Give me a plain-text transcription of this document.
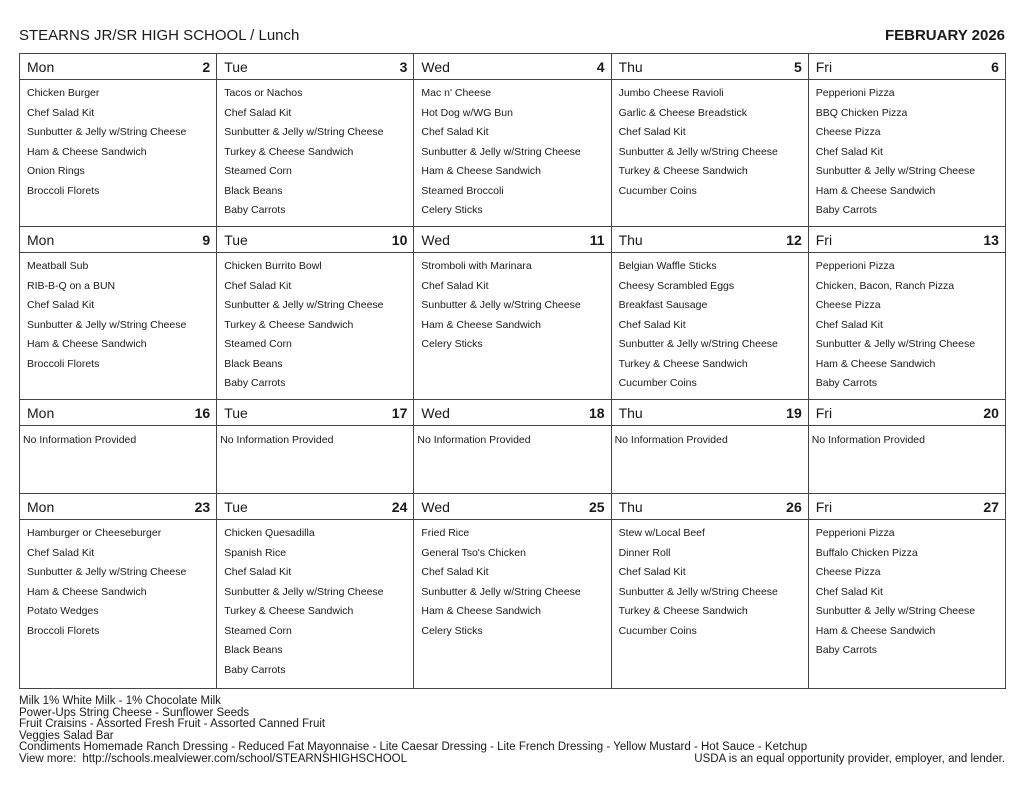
STEARNS JR/SR HIGH SCHOOL / Lunch	FEBRUARY 2026
Mon	2
Chicken Burger
Chef Salad Kit
Sunbutter & Jelly w/String Cheese
Ham & Cheese Sandwich
Onion Rings
Broccoli Florets
Tue	3
Tacos or Nachos
Chef Salad Kit
Sunbutter & Jelly w/String Cheese
Turkey & Cheese Sandwich
Steamed Corn
Black Beans
Baby Carrots
Wed	4
Mac n' Cheese
Hot Dog w/WG Bun
Chef Salad Kit
Sunbutter & Jelly w/String Cheese
Ham & Cheese Sandwich
Steamed Broccoli
Celery Sticks
Thu	5
Jumbo Cheese Ravioli
Garlic & Cheese Breadstick
Chef Salad Kit
Sunbutter & Jelly w/String Cheese
Turkey & Cheese Sandwich
Cucumber Coins
Fri	6
Pepperioni Pizza
BBQ Chicken Pizza
Cheese Pizza
Chef Salad Kit
Sunbutter & Jelly w/String Cheese
Ham & Cheese Sandwich
Baby Carrots
Mon	9
Meatball Sub
RIB-B-Q on a BUN
Chef Salad Kit
Sunbutter & Jelly w/String Cheese
Ham & Cheese Sandwich
Broccoli Florets
Tue	10
Chicken Burrito Bowl
Chef Salad Kit
Sunbutter & Jelly w/String Cheese
Turkey & Cheese Sandwich
Steamed Corn
Black Beans
Baby Carrots
Wed	11
Stromboli with Marinara
Chef Salad Kit
Sunbutter & Jelly w/String Cheese
Ham & Cheese Sandwich
Celery Sticks
Thu	12
Belgian Waffle Sticks
Cheesy Scrambled Eggs
Breakfast Sausage
Chef Salad Kit
Sunbutter & Jelly w/String Cheese
Turkey & Cheese Sandwich
Cucumber Coins
Fri	13
Pepperioni Pizza
Chicken, Bacon, Ranch Pizza
Cheese Pizza
Chef Salad Kit
Sunbutter & Jelly w/String Cheese
Ham & Cheese Sandwich
Baby Carrots
Mon	16
No Information Provided
Tue	17
No Information Provided
Wed	18
No Information Provided
Thu	19
No Information Provided
Fri	20
No Information Provided
Mon	23
Hamburger or Cheeseburger
Chef Salad Kit
Sunbutter & Jelly w/String Cheese
Ham & Cheese Sandwich
Potato Wedges
Broccoli Florets
Tue	24
Chicken Quesadilla
Spanish Rice
Chef Salad Kit
Sunbutter & Jelly w/String Cheese
Turkey & Cheese Sandwich
Steamed Corn
Black Beans
Baby Carrots
Wed	25
Fried Rice
General Tso's Chicken
Chef Salad Kit
Sunbutter & Jelly w/String Cheese
Ham & Cheese Sandwich
Celery Sticks
Thu	26
Stew w/Local Beef
Dinner Roll
Chef Salad Kit
Sunbutter & Jelly w/String Cheese
Turkey & Cheese Sandwich
Cucumber Coins
Fri	27
Pepperioni Pizza
Buffalo Chicken Pizza
Cheese Pizza
Chef Salad Kit
Sunbutter & Jelly w/String Cheese
Ham & Cheese Sandwich
Baby Carrots
Milk 1% White Milk - 1% Chocolate Milk
Power-Ups String Cheese - Sunflower Seeds
Fruit Craisins - Assorted Fresh Fruit - Assorted Canned Fruit
Veggies Salad Bar
Condiments Homemade Ranch Dressing - Reduced Fat Mayonnaise - Lite Caesar Dressing - Lite French Dressing - Yellow Mustard - Hot Sauce - Ketchup
View more: http://schools.mealviewer.com/school/STEARNSHIGHSCHOOL	USDA is an equal opportunity provider, employer, and lender.
